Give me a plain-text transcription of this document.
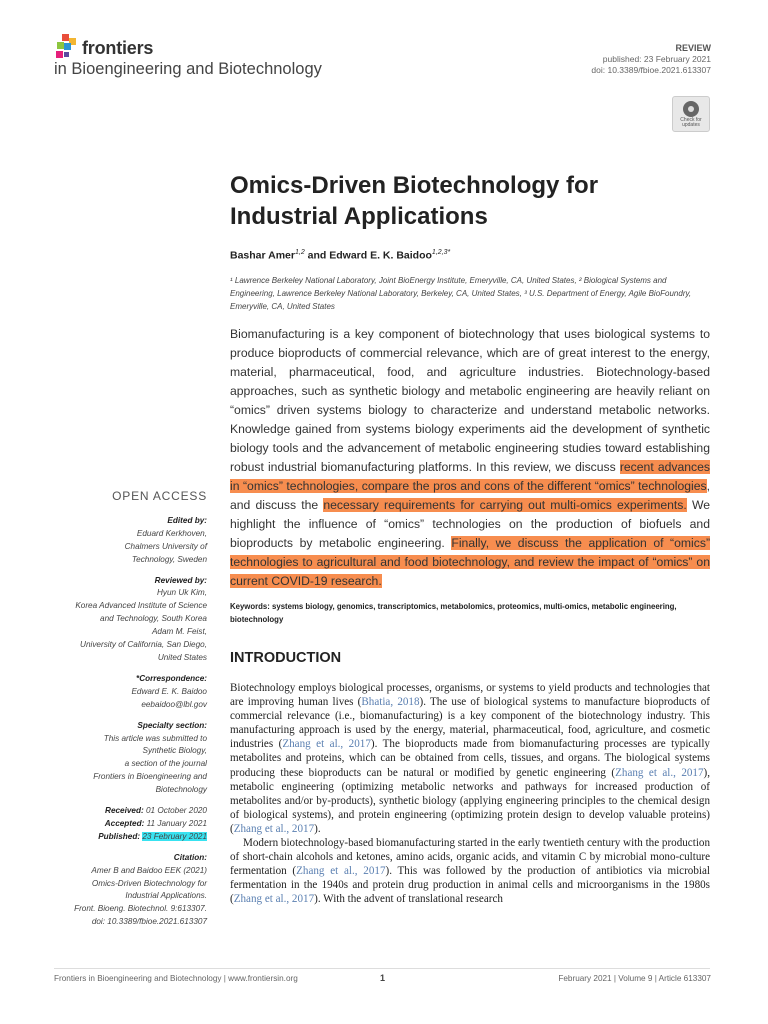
frontiers
in Bioengineering and Biotechnology
REVIEW
published: 23 February 2021
doi: 10.3389/fbioe.2021.613307
Check for
updates
Omics-Driven Biotechnology for Industrial Applications
Bashar Amer$^{1,2}$ and Edward E. K. Baidoo$^{1,2,3*}$
¹ Lawrence Berkeley National Laboratory, Joint BioEnergy Institute, Emeryville, CA, United States, ² Biological Systems and Engineering, Lawrence Berkeley National Laboratory, Berkeley, CA, United States, ³ U.S. Department of Energy, Agile BioFoundry, Emeryville, CA, United States
Biomanufacturing is a key component of biotechnology that uses biological systems to produce bioproducts of commercial relevance, which are of great interest to the energy, material, pharmaceutical, food, and agriculture industries. Biotechnology-based approaches, such as synthetic biology and metabolic engineering are heavily reliant on “omics” driven systems biology to characterize and understand metabolic networks. Knowledge gained from systems biology experiments aid the development of synthetic biology tools and the advancement of metabolic engineering studies toward establishing robust industrial biomanufacturing platforms. In this review, we discuss recent advances in “omics” technologies, compare the pros and cons of the different “omics” technologies, and discuss the necessary requirements for carrying out multi-omics experiments. We highlight the influence of “omics” technologies on the production of biofuels and bioproducts by metabolic engineering. Finally, we discuss the application of “omics” technologies to agricultural and food biotechnology, and review the impact of “omics” on current COVID-19 research.
Keywords: systems biology, genomics, transcriptomics, metabolomics, proteomics, multi-omics, metabolic engineering, biotechnology
INTRODUCTION

Biotechnology employs biological processes, organisms, or systems to yield products and technologies that are improving human lives (Bhatia, 2018). The use of biological systems to manufacture bioproducts of commercial relevance (i.e., biomanufacturing) is a key component of the biotechnology industry. This manufacturing approach is used by the energy, material, pharmaceutical, food, agriculture, and cosmetic industries (Zhang et al., 2017). The bioproducts made from biomanufacturing processes are typically metabolites and proteins, which can be obtained from cells, tissues, and organs. The biological systems producing these bioproducts can be natural or modified by genetic engineering (Zhang et al., 2017), metabolic engineering (optimizing metabolic networks and pathways for increased production of metabolites and/or by-products), synthetic biology (applying engineering principles to the chemical design of biological systems), and protein engineering (optimizing protein design to develop valuable proteins) (Zhang et al., 2017).

Modern biotechnology-based biomanufacturing started in the early twentieth century with the production of short-chain alcohols and ketones, amino acids, organic acids, and vitamin C by microbial mono-culture fermentation (Zhang et al., 2017). This was followed by the production of antibiotics via microbial fermentation in the 1940s and protein drug production in animal cells and microorganisms in the 1980s (Zhang et al., 2017). With the advent of translational research

OPEN ACCESS
Edited by:
Eduard Kerkhoven,
Chalmers University of
Technology, Sweden
Reviewed by:
Hyun Uk Kim,
Korea Advanced Institute of Science
and Technology, South Korea
Adam M. Feist,
University of California, San Diego,
United States
*Correspondence:
Edward E. K. Baidoo
eebaidoo@lbl.gov
Specialty section:
This article was submitted to
Synthetic Biology,
a section of the journal
Frontiers in Bioengineering and
Biotechnology
Received: 01 October 2020
Accepted: 11 January 2021
Published: 23 February 2021
Citation:
Amer B and Baidoo EEK (2021)
Omics-Driven Biotechnology for
Industrial Applications.
Front. Bioeng. Biotechnol. 9:613307.
doi: 10.3389/fbioe.2021.613307
Frontiers in Bioengineering and Biotechnology | www.frontiersin.org	1	February 2021 | Volume 9 | Article 613307
